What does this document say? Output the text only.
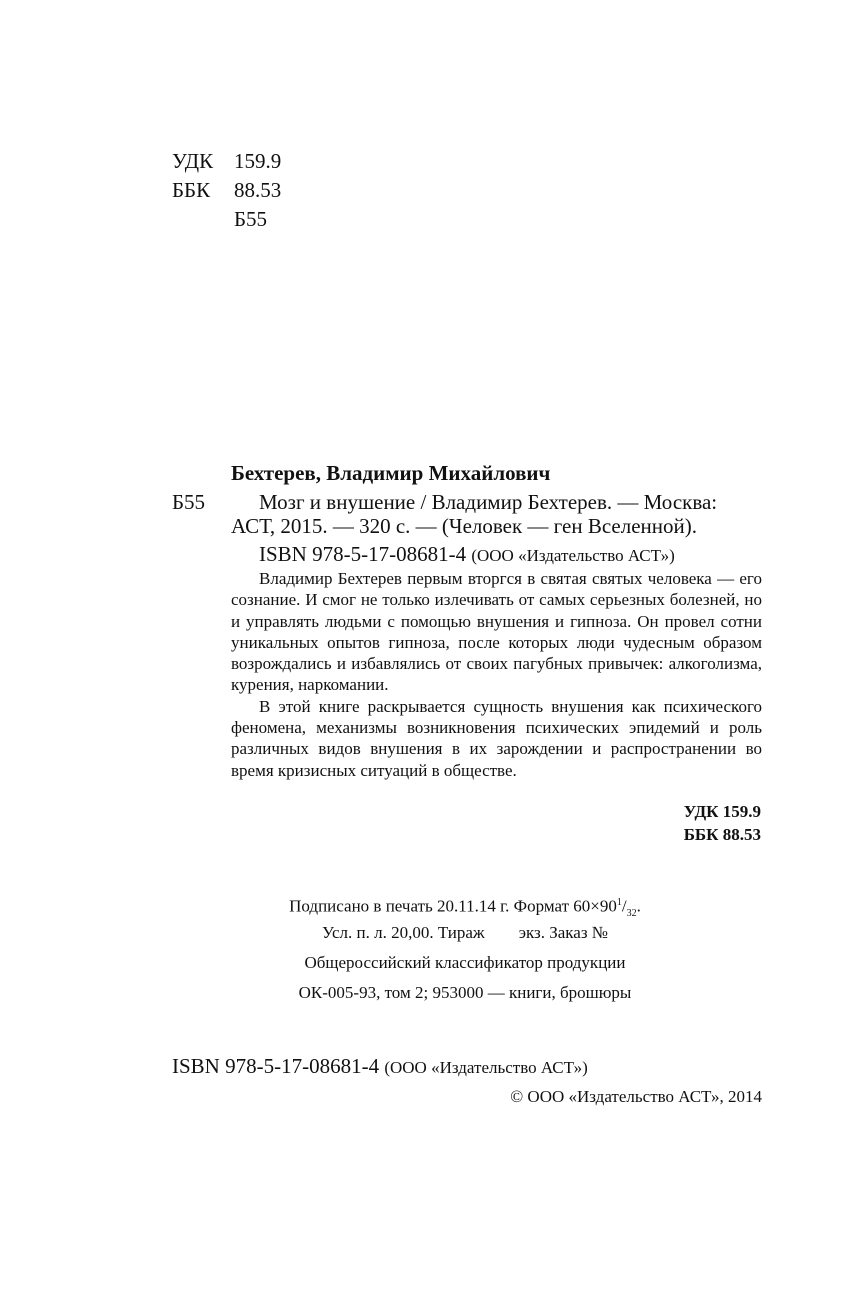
УДК 159.9
ББК	88.53
Б55
Бехтерев, Владимир Михайлович
Б55	Мозг и внушение / Владимир Бехтерев. — Москва:
АСТ, 2015. — 320 с. — (Человек — ген Вселенной).
ISBN 978-5-17-08681-4 (ООО «Издательство АСТ»)

Владимир Бехтерев первым вторгся в святая святых человека — его сознание. И смог не только излечивать от самых серьезных болезней, но и управлять людьми с помощью внушения и гипноза. Он провел сотни уникальных опытов гипноза, после которых люди чудесным образом возрождались и избавлялись от своих пагубных привычек: алкоголизма, курения, наркомании.

В этой книге раскрывается сущность внушения как психического феномена, механизмы возникновения психических эпидемий и роль различных видов внушения в их зарождении и распространении во время кризисных ситуаций в обществе.

УДК 159.9
ББК 88.53
Подписано в печать 20.11.14 г. Формат $60\times 90^1/_{32}$.
Усл. п. л. 20,00. Тираж экз. Заказ №
Общероссийский классификатор продукции
ОК-005-93, том 2; 953000 — книги, брошюры
ISBN 978-5-17-08681-4 (ООО «Издательство АСТ»)
© ООО «Издательство АСТ», 2014
